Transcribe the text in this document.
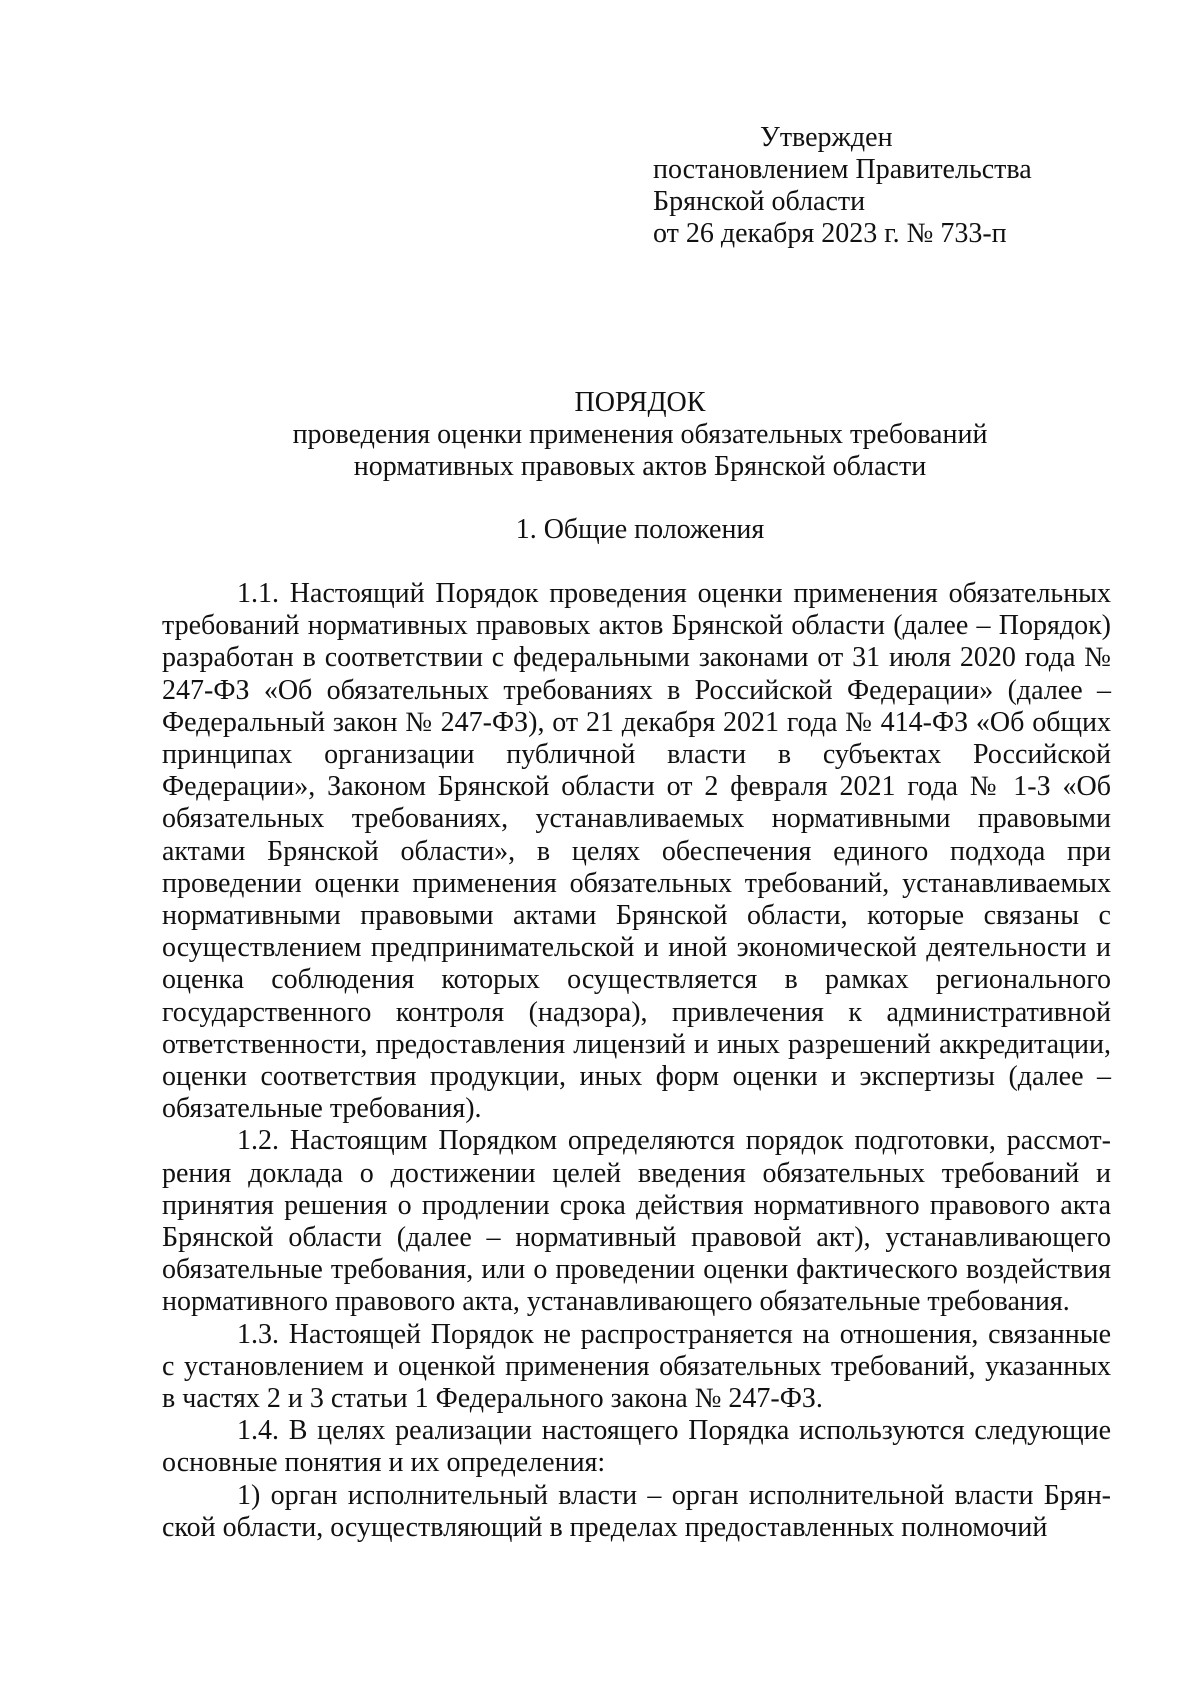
Утвержден
постановлением Правительства
Брянской области
от 26 декабря 2023 г. № 733-п
ПОРЯДОК
проведения оценки применения обязательных требований
нормативных правовых актов Брянской области
1. Общие положения

1.1. Настоящий Порядок проведения оценки применения обязательных требований нормативных правовых актов Брянской области (далее – Порядок) разработан в соответствии с федеральными законами от 31 июля 2020 года № 247-ФЗ «Об обязательных требованиях в Российской Федерации» (далее – Федеральный закон № 247-ФЗ), от 21 декабря 2021 года № 414-ФЗ «Об общих принципах организации публичной власти в субъектах Российской Федерации», Законом Брянской области от 2 февраля 2021 года № 1-З «Об обязательных требованиях, устанавливаемых нормативными правовыми актами Брянской области», в целях обеспечения единого подхода при проведении оценки применения обязательных требований, устанавливаемых нормативными правовыми актами Брянской области, которые связаны с осуществлением предпринимательской и иной экономической деятельности и оценка соблюдения которых осуществляется в рамках регионального государственного контроля (надзора), привлечения к административной ответственности, предоставления лицензий и иных разрешений аккредитации, оценки соответствия продукции, иных форм оценки и экспертизы (далее – обязательные требования).

1.2. Настоящим Порядком определяются порядок подготовки, рассмотрения доклада о достижении целей введения обязательных требований и принятия решения о продлении срока действия нормативного правового акта Брянской области (далее – нормативный правовой акт), устанавливающего обязательные требования, или о проведении оценки фактического воздействия нормативного правового акта, устанавливающего обязательные требования.

1.3. Настоящей Порядок не распространяется на отношения, связанные с установлением и оценкой применения обязательных требований, указанных в частях 2 и 3 статьи 1 Федерального закона № 247-ФЗ.

1.4. В целях реализации настоящего Порядка используются следующие основные понятия и их определения:

1) орган исполнительный власти – орган исполнительной власти Брянской области, осуществляющий в пределах предоставленных полномочий
